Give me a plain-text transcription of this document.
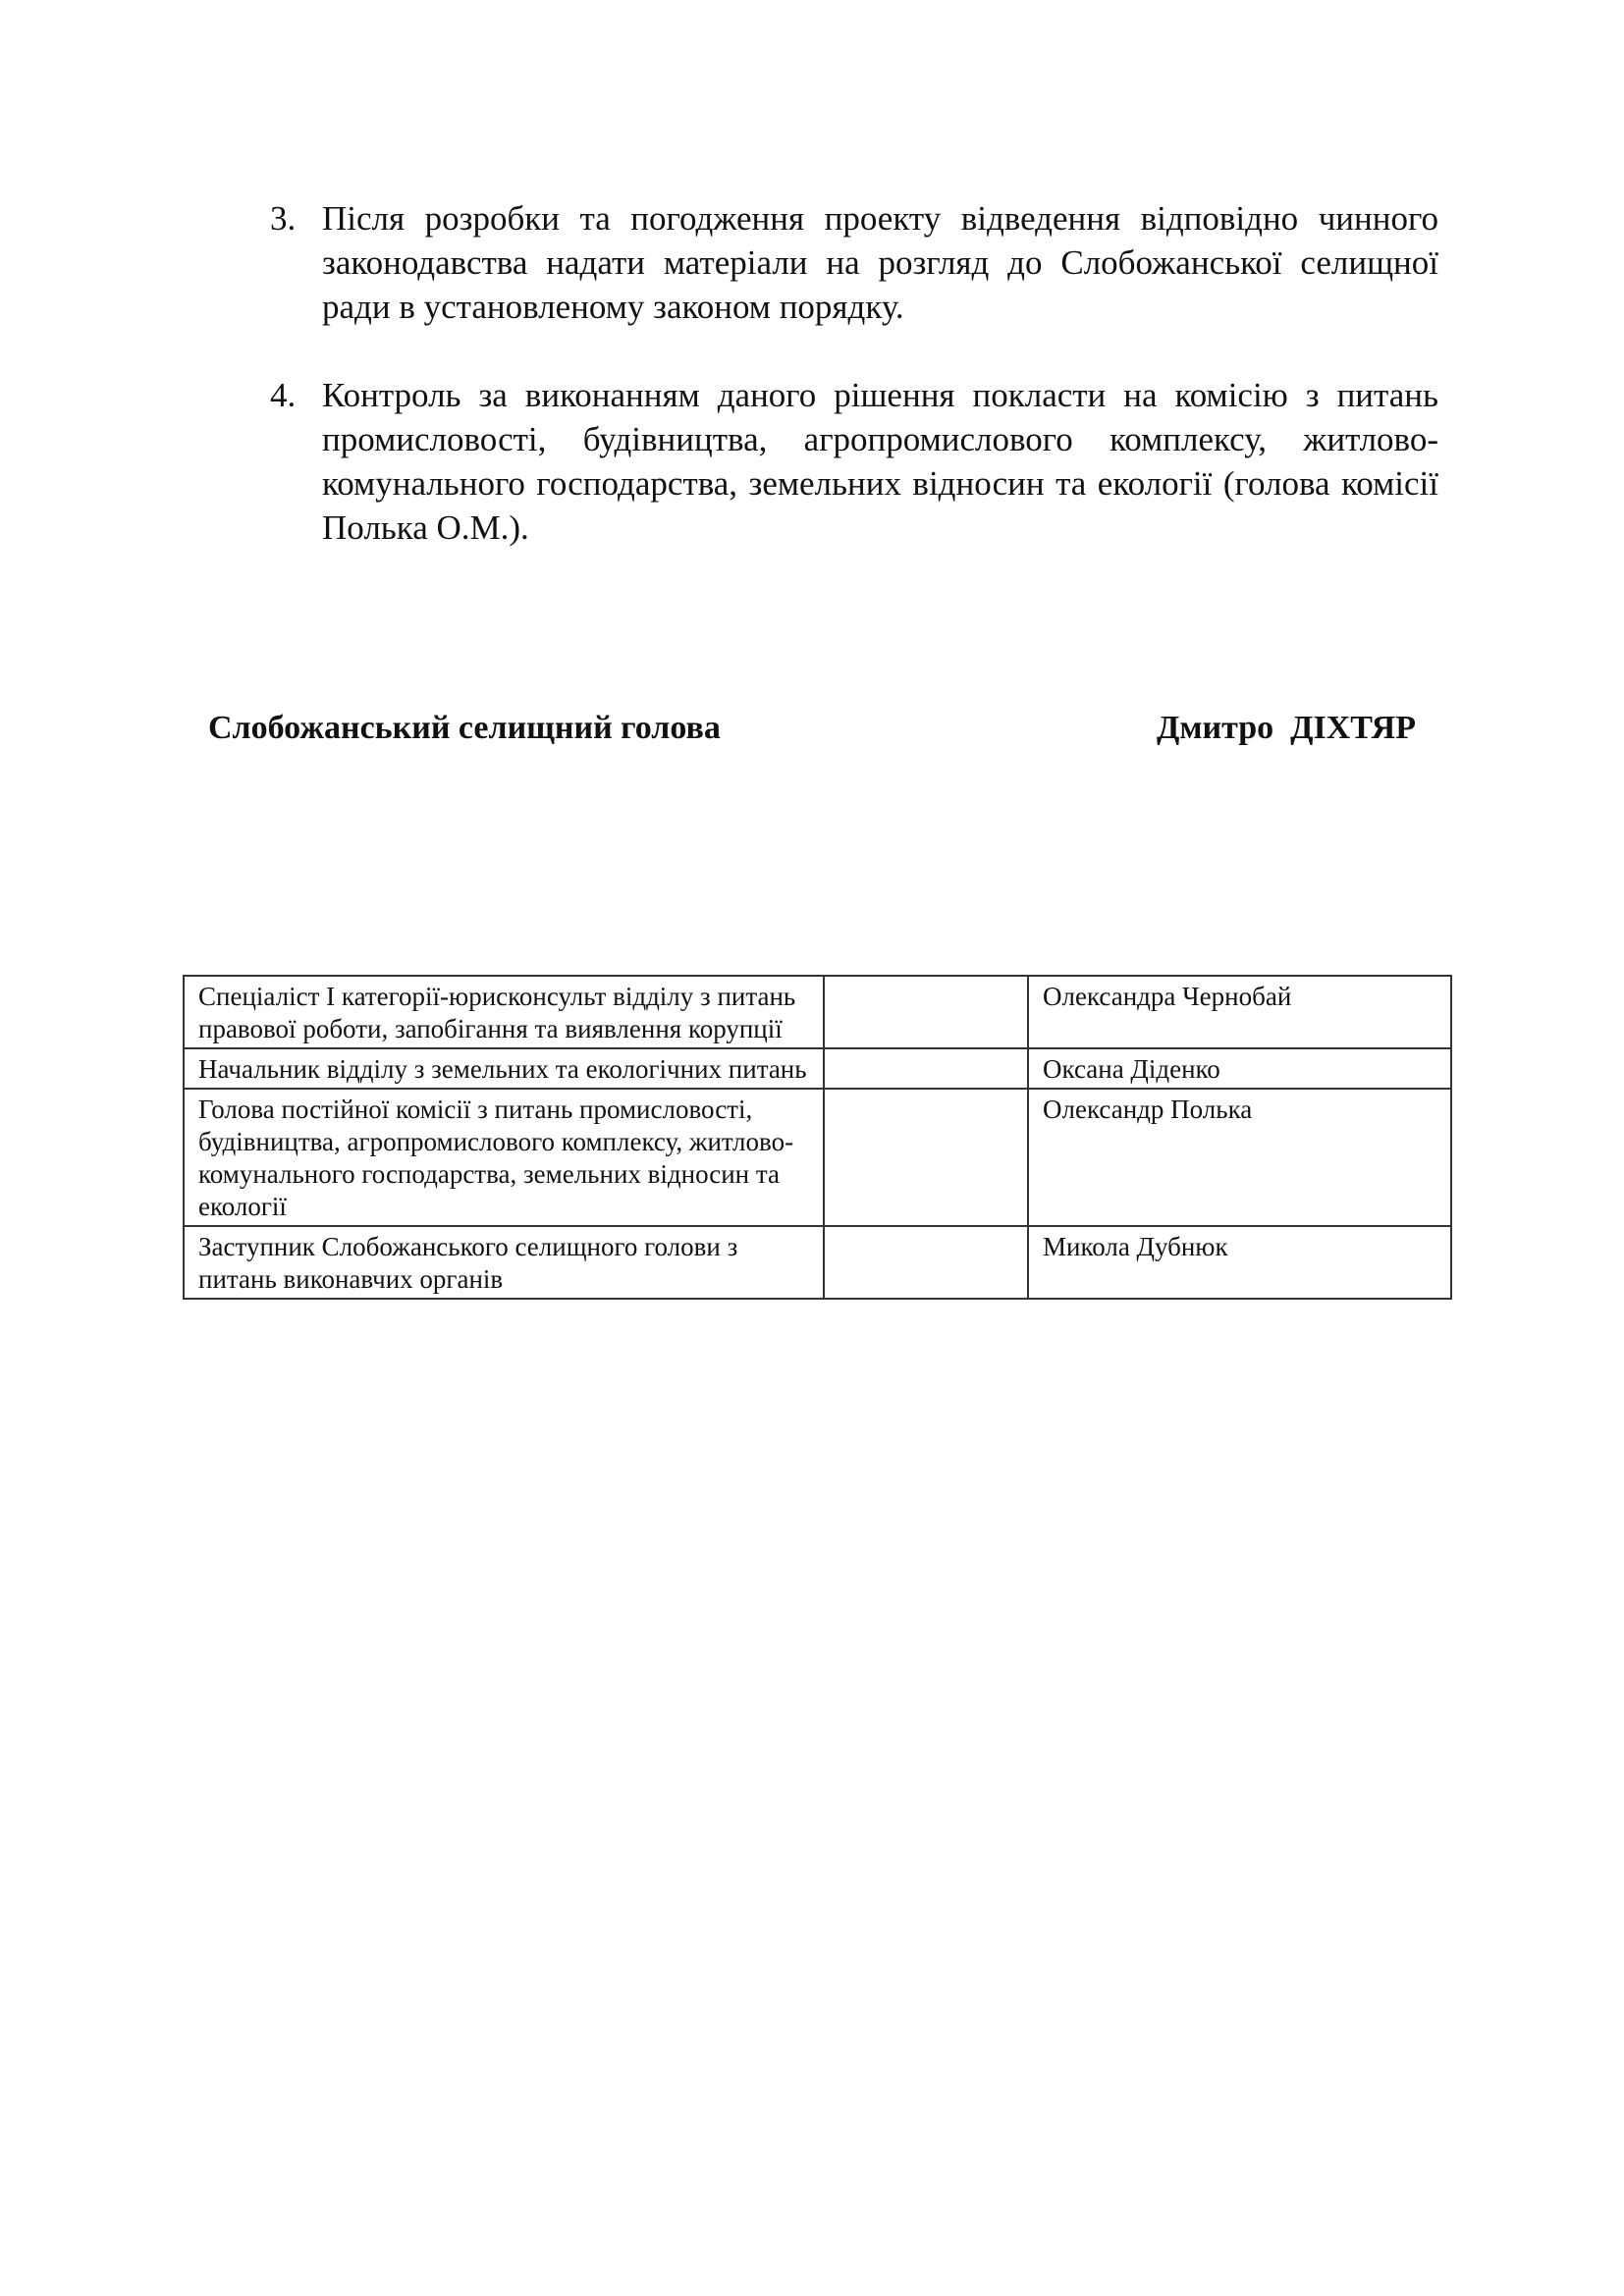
3. Після розробки та погодження проекту відведення відповідно чинного законодавства надати матеріали на розгляд до Слобожанської селищної ради в установленому законом порядку.
4. Контроль за виконанням даного рішення покласти на комісію з питань промисловості, будівництва, агропромислового комплексу, житлово-комунального господарства, земельних відносин та екології (голова комісії Полька О.М.).
Слобожанський селищний голова	Дмитро  ДІХТЯР
Спеціаліст І категорії-юрисконсульт відділу з питань правової роботи, запобігання та виявлення корупції		Олександра Чернобай
Начальник відділу з земельних та екологічних питань		Оксана Діденко
Голова постійної комісії з питань промисловості, будівництва, агропромислового комплексу, житлово-комунального господарства, земельних відносин та екології		Олександр Полька
Заступник Слобожанського селищного голови з питань виконавчих органів		Микола Дубнюк
